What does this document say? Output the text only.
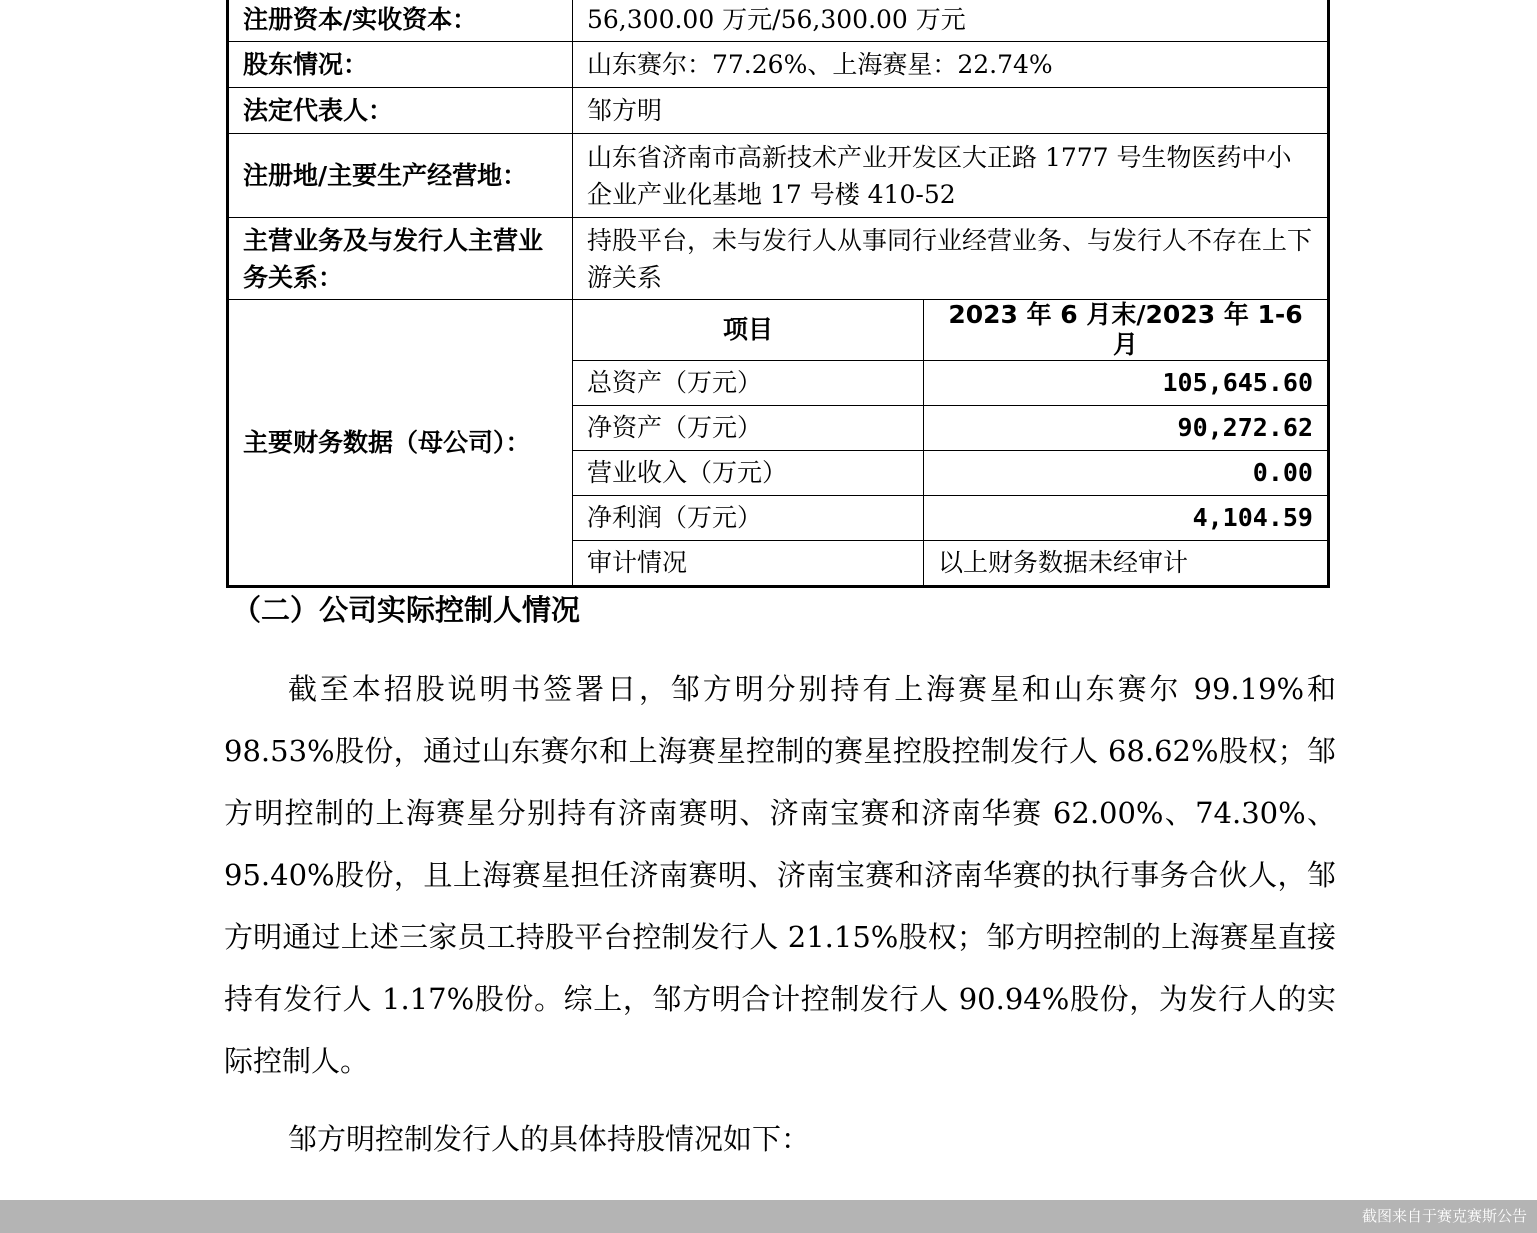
注册资本/实收资本：	56,300.00 万元/56,300.00 万元
股东情况：	山东赛尔：77.26%、上海赛星：22.74%
法定代表人：	邹方明
注册地/主要生产经营地：	山东省济南市高新技术产业开发区大正路 1777 号生物医药中小企业产业化基地 17 号楼 410-52
主营业务及与发行人主营业务关系：	持股平台，未与发行人从事同行业经营业务、与发行人不存在上下游关系
主要财务数据（母公司）：	
项目	2023 年 6 月末/2023 年 1-6 月
总资产（万元）	105,645.60
净资产（万元）	90,272.62
营业收入（万元）	0.00
净利润（万元）	4,104.59
审计情况	以上财务数据未经审计
（二）公司实际控制人情况

截至本招股说明书签署日，邹方明分别持有上海赛星和山东赛尔 99.19%和98.53%股份，通过山东赛尔和上海赛星控制的赛星控股控制发行人 68.62%股权；邹方明控制的上海赛星分别持有济南赛明、济南宝赛和济南华赛 62.00%、74.30%、95.40%股份，且上海赛星担任济南赛明、济南宝赛和济南华赛的执行事务合伙人，邹方明通过上述三家员工持股平台控制发行人 21.15%股权；邹方明控制的上海赛星直接持有发行人 1.17%股份。综上，邹方明合计控制发行人 90.94%股份，为发行人的实际控制人。

邹方明控制发行人的具体持股情况如下：

截图来自于赛克赛斯公告
